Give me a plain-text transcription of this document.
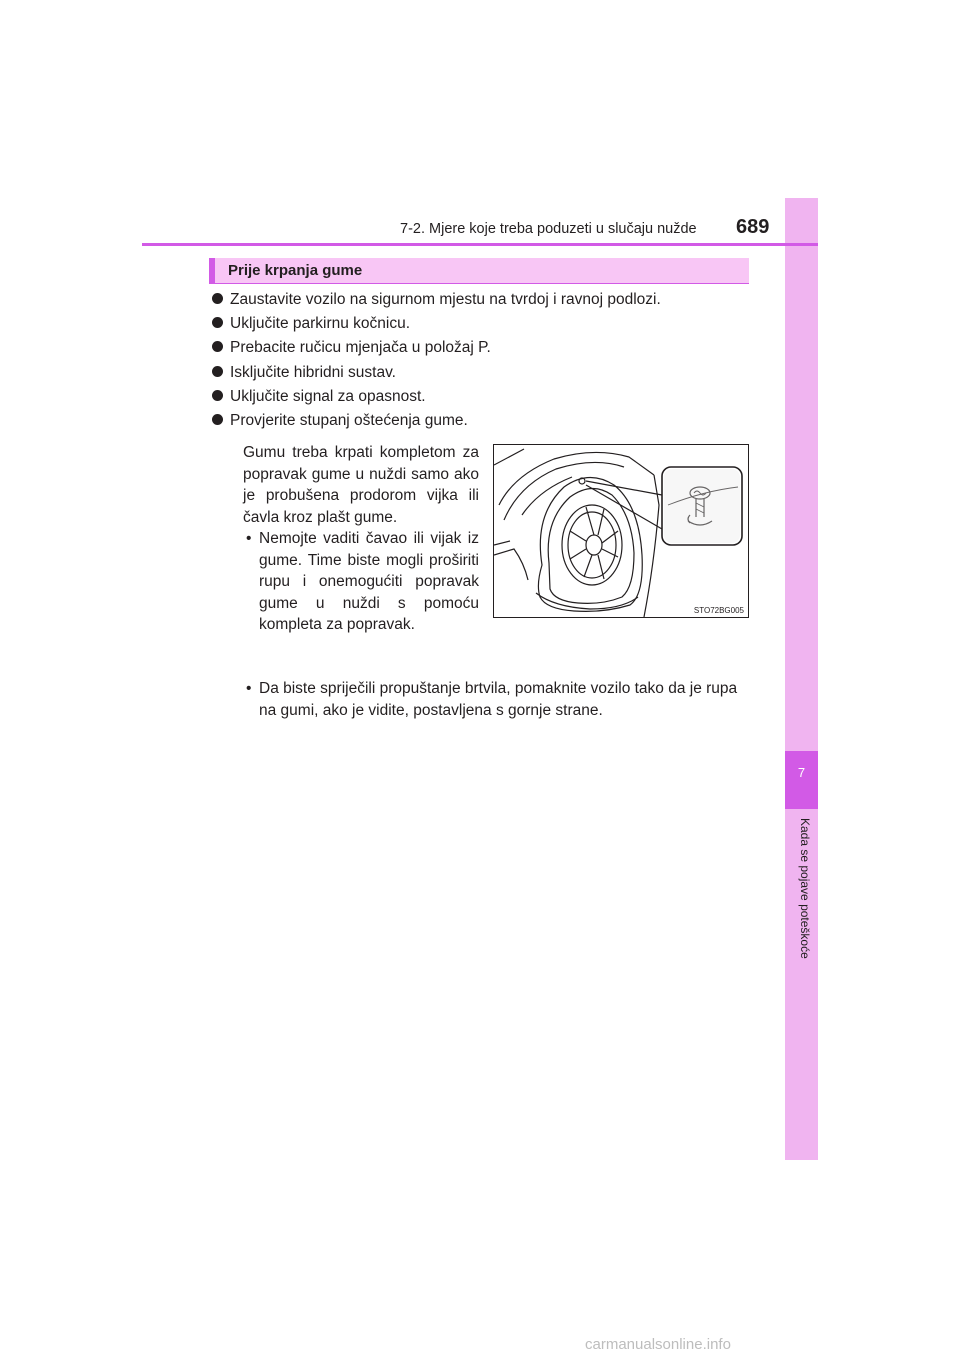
7
Kada se pojave poteškoće
7-2. Mjere koje treba poduzeti u slučaju nužde 689
Prije krpanja gume
Zaustavite vozilo na sigurnom mjestu na tvrdoj i ravnoj podlozi.
Uključite parkirnu kočnicu.
Prebacite ručicu mjenjača u položaj P.
Isključite hibridni sustav.
Uključite signal za opasnost.
Provjerite stupanj oštećenja gume.

Gumu treba krpati kompletom za popravak gume u nuždi samo ako je probušena prodorom vijka ili čavla kroz plašt gume.

• Nemojte vaditi čavao ili vijak iz gume. Time biste mogli proširiti rupu i onemogućiti popravak gume u nuždi s pomoću kompleta za popravak.
• Da biste spriječili propuštanje brtvila, pomaknite vozilo tako da je rupa na gumi, ako je vidite, postavljena s gornje strane.
STO72BG005
carmanualsonline.info
